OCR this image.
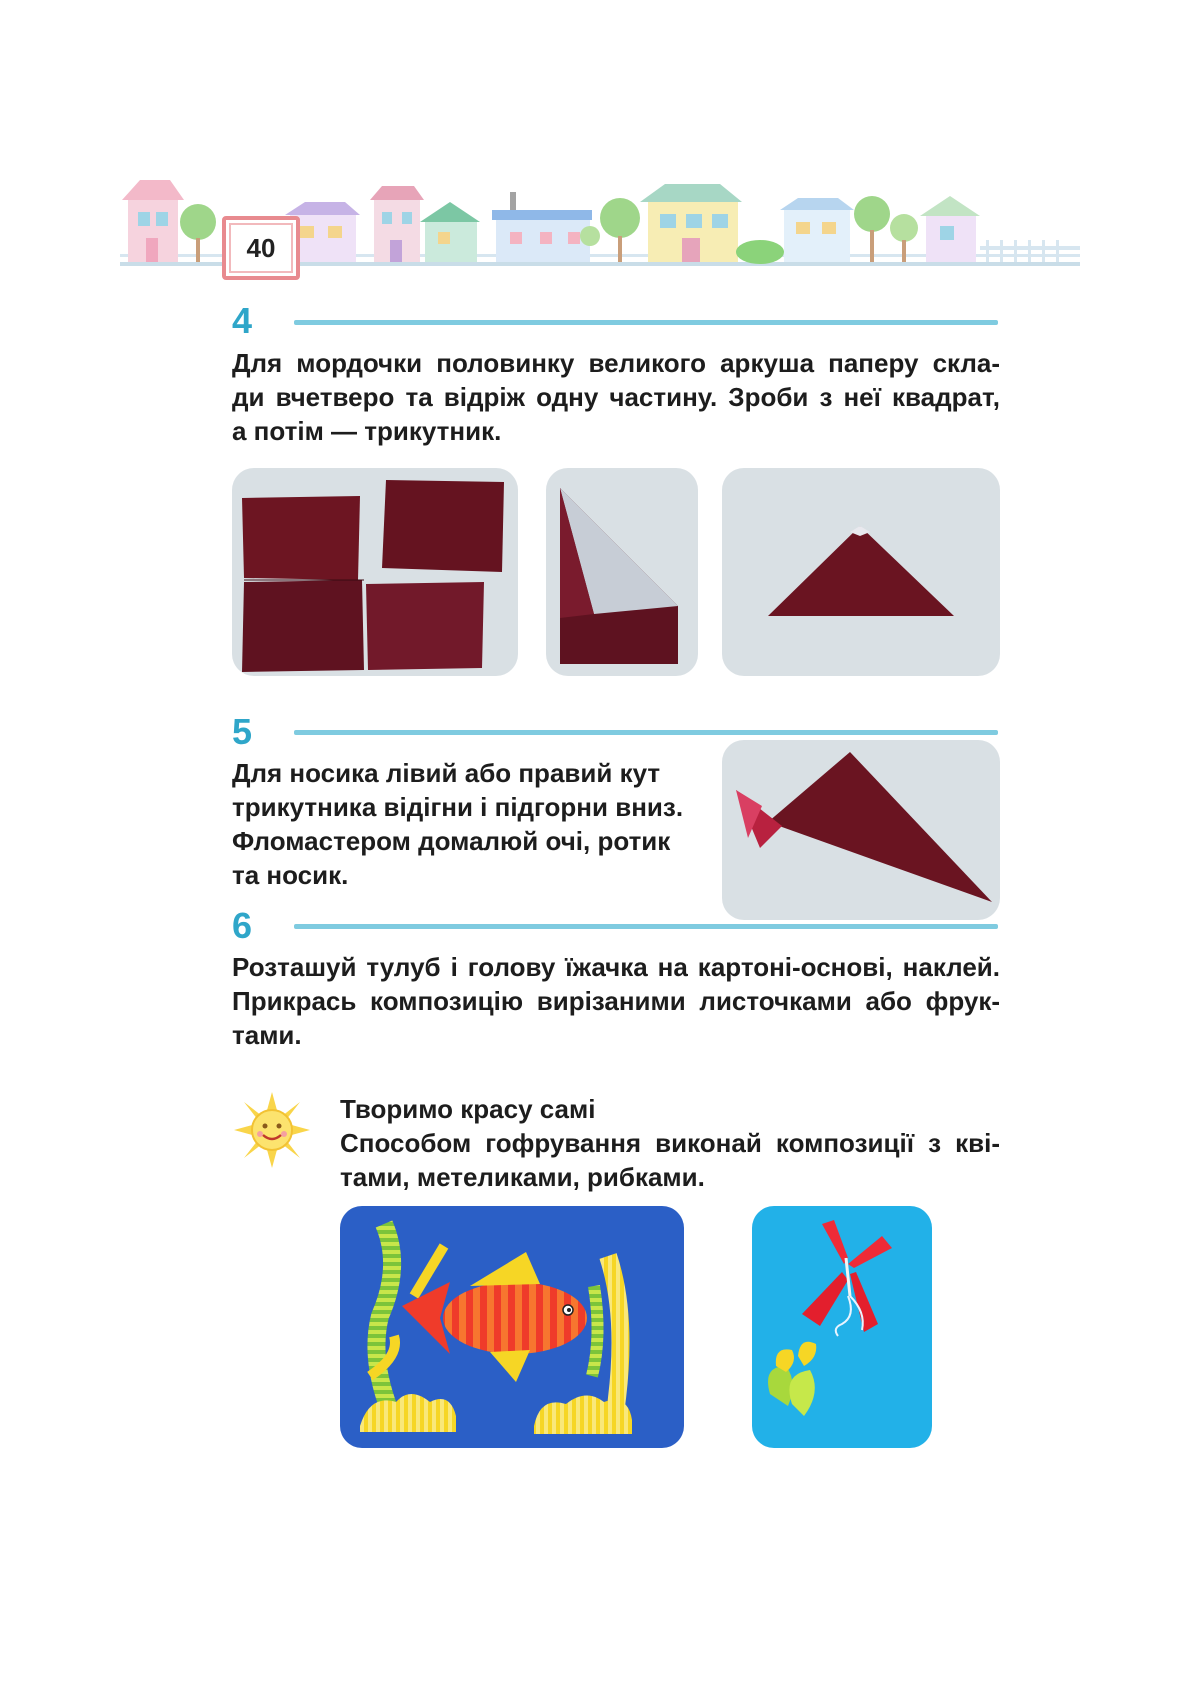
40
4
Для мордочки половинку великого аркуша паперу скла-
ди вчетверо та відріж одну частину. Зроби з неї квадрат,
а потім — трикутник.
5
Для носика лівий або правий кут
трикутника відігни і підгорни вниз.
Фломастером домалюй очі, ротик
та носик.
6
Розташуй тулуб і голову їжачка на картоні-основі, наклей.
Прикрась композицію вирізаними листочками або фрук-
тами.
Творимо красу самі
Способом гофрування виконай композиції з кві-
тами, метеликами, рибками.
